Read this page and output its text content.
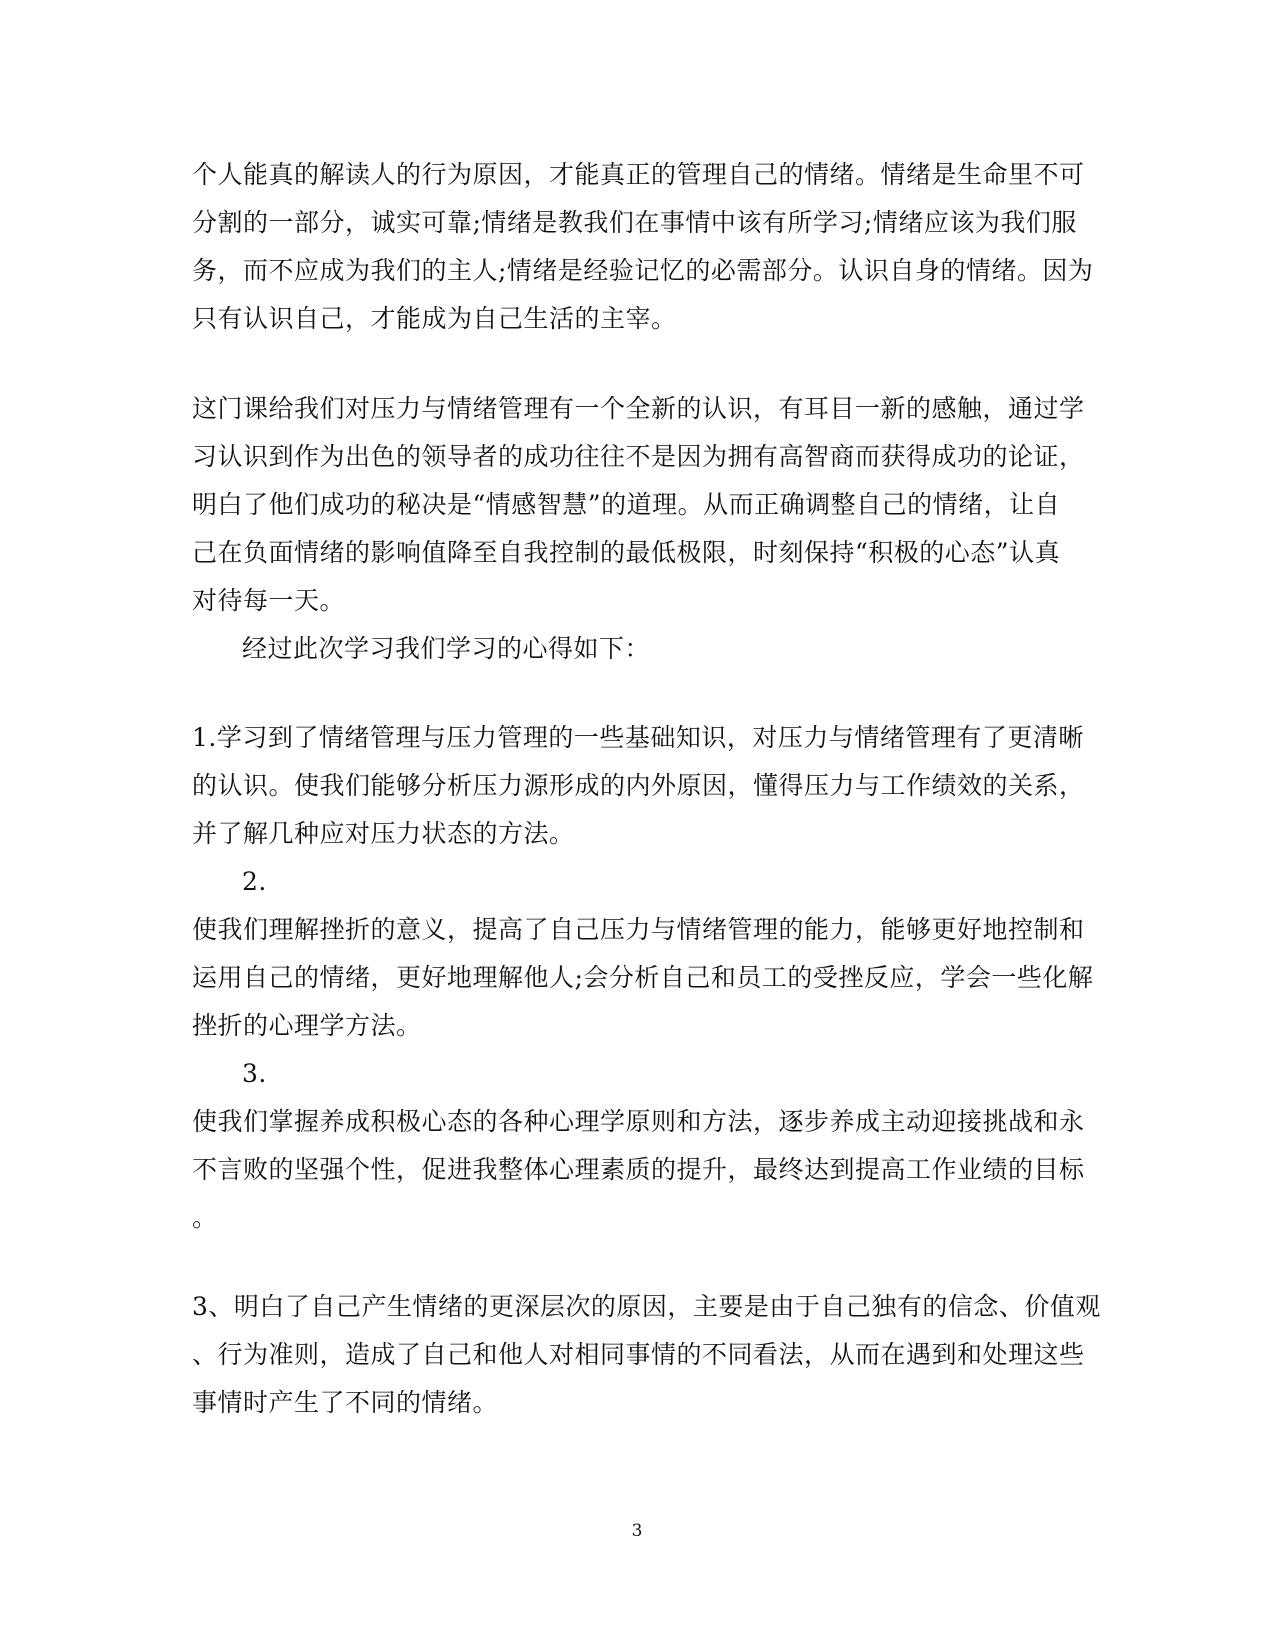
个人能真的解读人的行为原因，才能真正的管理自己的情绪。情绪是生命里不可
分割的一部分，诚实可靠;情绪是教我们在事情中该有所学习;情绪应该为我们服
务，而不应成为我们的主人;情绪是经验记忆的必需部分。认识自身的情绪。因为
只有认识自己，才能成为自己生活的主宰。
这门课给我们对压力与情绪管理有一个全新的认识，有耳目一新的感触，通过学
习认识到作为出色的领导者的成功往往不是因为拥有高智商而获得成功的论证，
明白了他们成功的秘决是“情感智慧”的道理。从而正确调整自己的情绪，让自
己在负面情绪的影响值降至自我控制的最低极限，时刻保持“积极的心态”认真
对待每一天。
经过此次学习我们学习的心得如下：
1.学习到了情绪管理与压力管理的一些基础知识，对压力与情绪管理有了更清晰
的认识。使我们能够分析压力源形成的内外原因，懂得压力与工作绩效的关系，
并了解几种应对压力状态的方法。
2.
使我们理解挫折的意义，提高了自己压力与情绪管理的能力，能够更好地控制和
运用自己的情绪，更好地理解他人;会分析自己和员工的受挫反应，学会一些化解
挫折的心理学方法。
3.
使我们掌握养成积极心态的各种心理学原则和方法，逐步养成主动迎接挑战和永
不言败的坚强个性，促进我整体心理素质的提升，最终达到提高工作业绩的目标
。
3、明白了自己产生情绪的更深层次的原因，主要是由于自己独有的信念、价值观
、行为准则，造成了自己和他人对相同事情的不同看法，从而在遇到和处理这些
事情时产生了不同的情绪。
3
